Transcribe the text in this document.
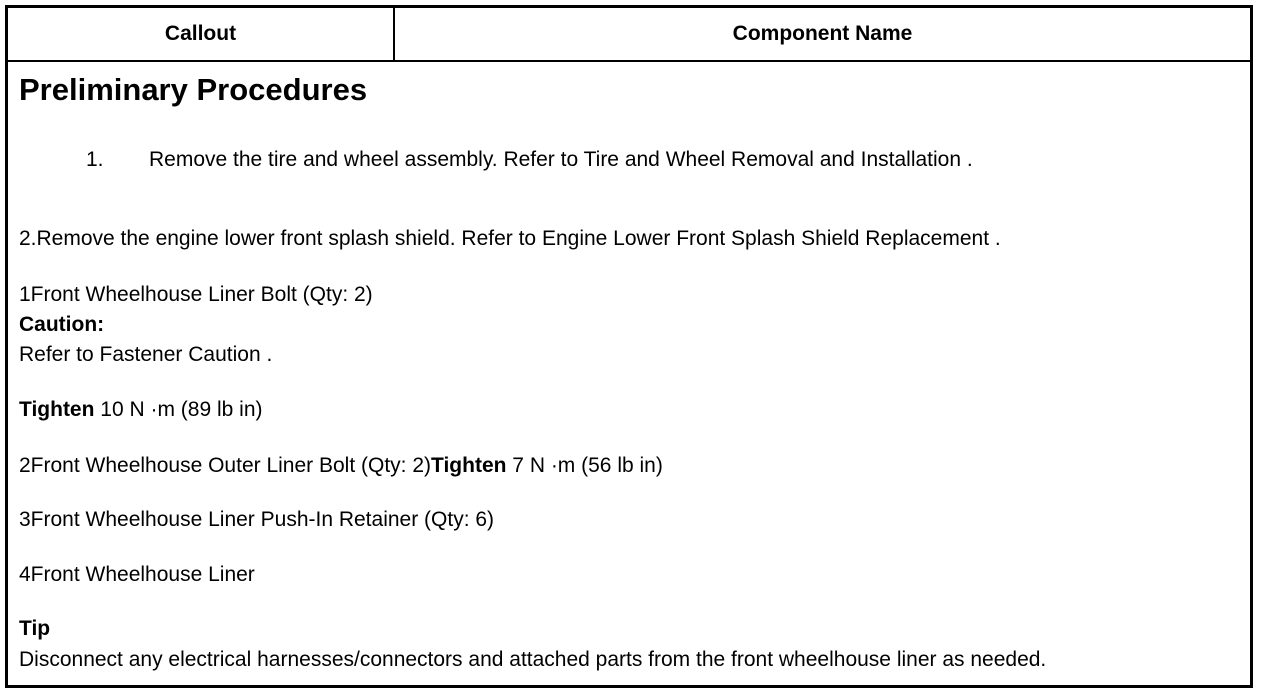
Callout	Component Name
Preliminary Procedures
1. Remove the tire and wheel assembly. Refer to Tire and Wheel Removal and Installation .
2.Remove the engine lower front splash shield. Refer to Engine Lower Front Splash Shield Replacement .
1Front Wheelhouse Liner Bolt (Qty: 2)
Caution:
Refer to Fastener Caution .
Tighten 10 N ·m (89 lb in)
2Front Wheelhouse Outer Liner Bolt (Qty: 2)Tighten 7 N ·m (56 lb in)
3Front Wheelhouse Liner Push-In Retainer (Qty: 6)
4Front Wheelhouse Liner
Tip
Disconnect any electrical harnesses/connectors and attached parts from the front wheelhouse liner as needed.
